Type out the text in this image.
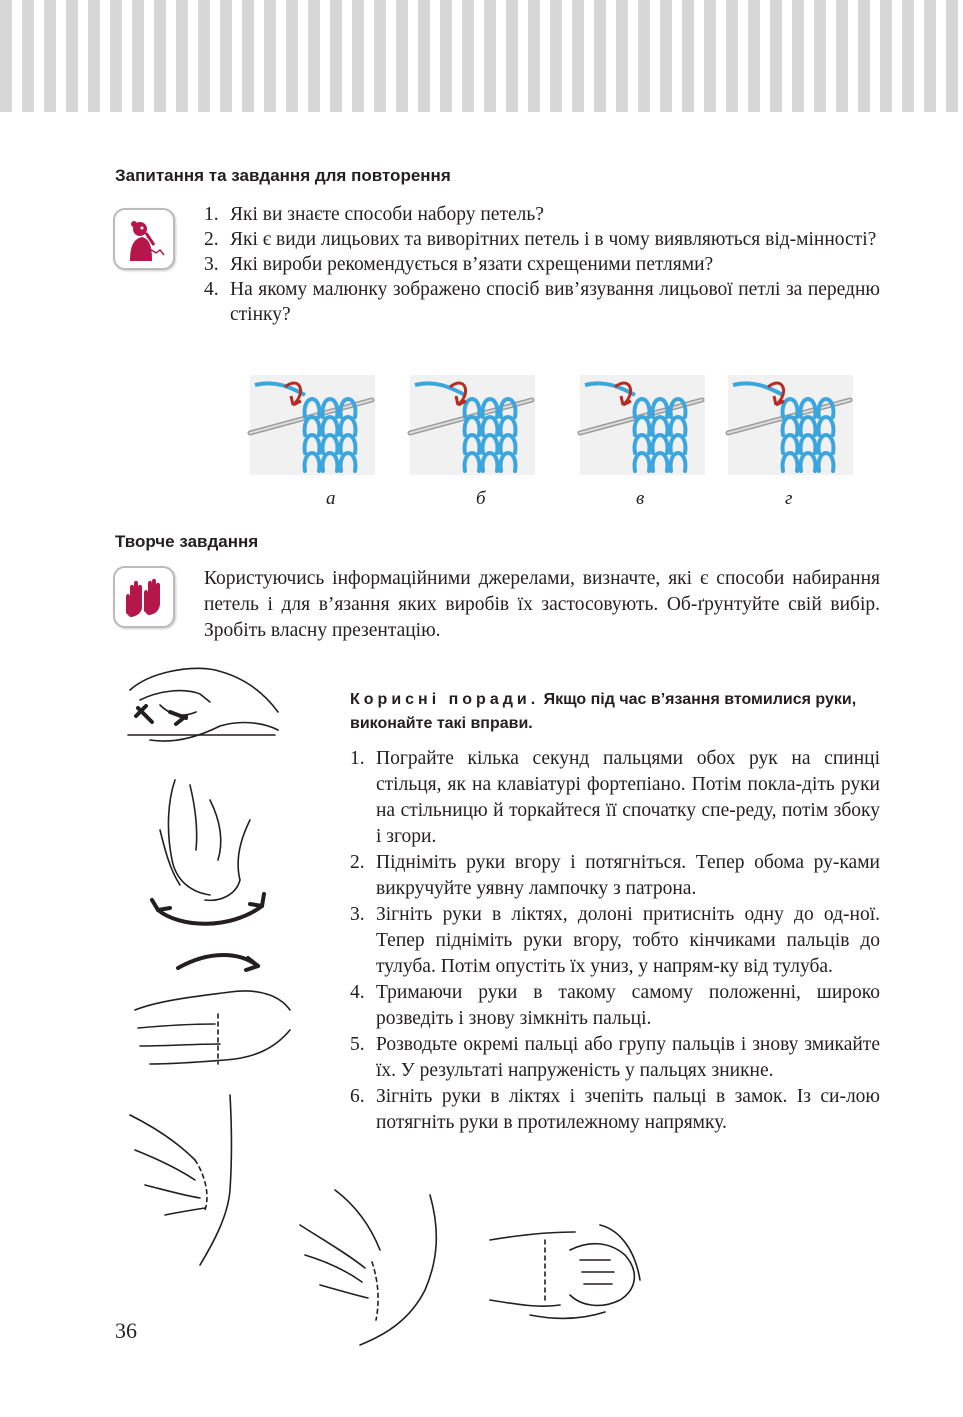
Запитання та завдання для повторення
1. Які ви знаєте способи набору петель?
2. Які є види лицьових та виворітних петель і в чому виявляються від-мінності?
3. Які вироби рекомендується в’язати схрещеними петлями?
4. На якому малюнку зображено спосіб вив’язування лицьової петлі за передню стінку?
а	б	в	г
Творче завдання
Користуючись інформаційними джерелами, визначте, які є способи набирання петель і для в’язання яких виробів їх застосовують. Об-ґрунтуйте свій вибір. Зробіть власну презентацію.
Корисні поради. Якщо під час в’язання втомилися руки, виконайте такі вправи.
1. Пограйте кілька секунд пальцями обох рук на спинці стільця, як на клавіатурі фортепіано. Потім покла-діть руки на стільницю й торкайтеся її спочатку спе-реду, потім збоку і згори.
2. Підніміть руки вгору і потягніться. Тепер обома ру-ками викручуйте уявну лампочку з патрона.
3. Зігніть руки в ліктях, долоні притисніть одну до од-ної. Тепер підніміть руки вгору, тобто кінчиками пальців до тулуба. Потім опустіть їх униз, у напрям-ку від тулуба.
4. Тримаючи руки в такому самому положенні, широко розведіть і знову зімкніть пальці.
5. Розводьте окремі пальці або групу пальців і знову змикайте їх. У результаті напруженість у пальцях зникне.
6. Зігніть руки в ліктях і зчепіть пальці в замок. Із си-лою потягніть руки в протилежному напрямку.
36
